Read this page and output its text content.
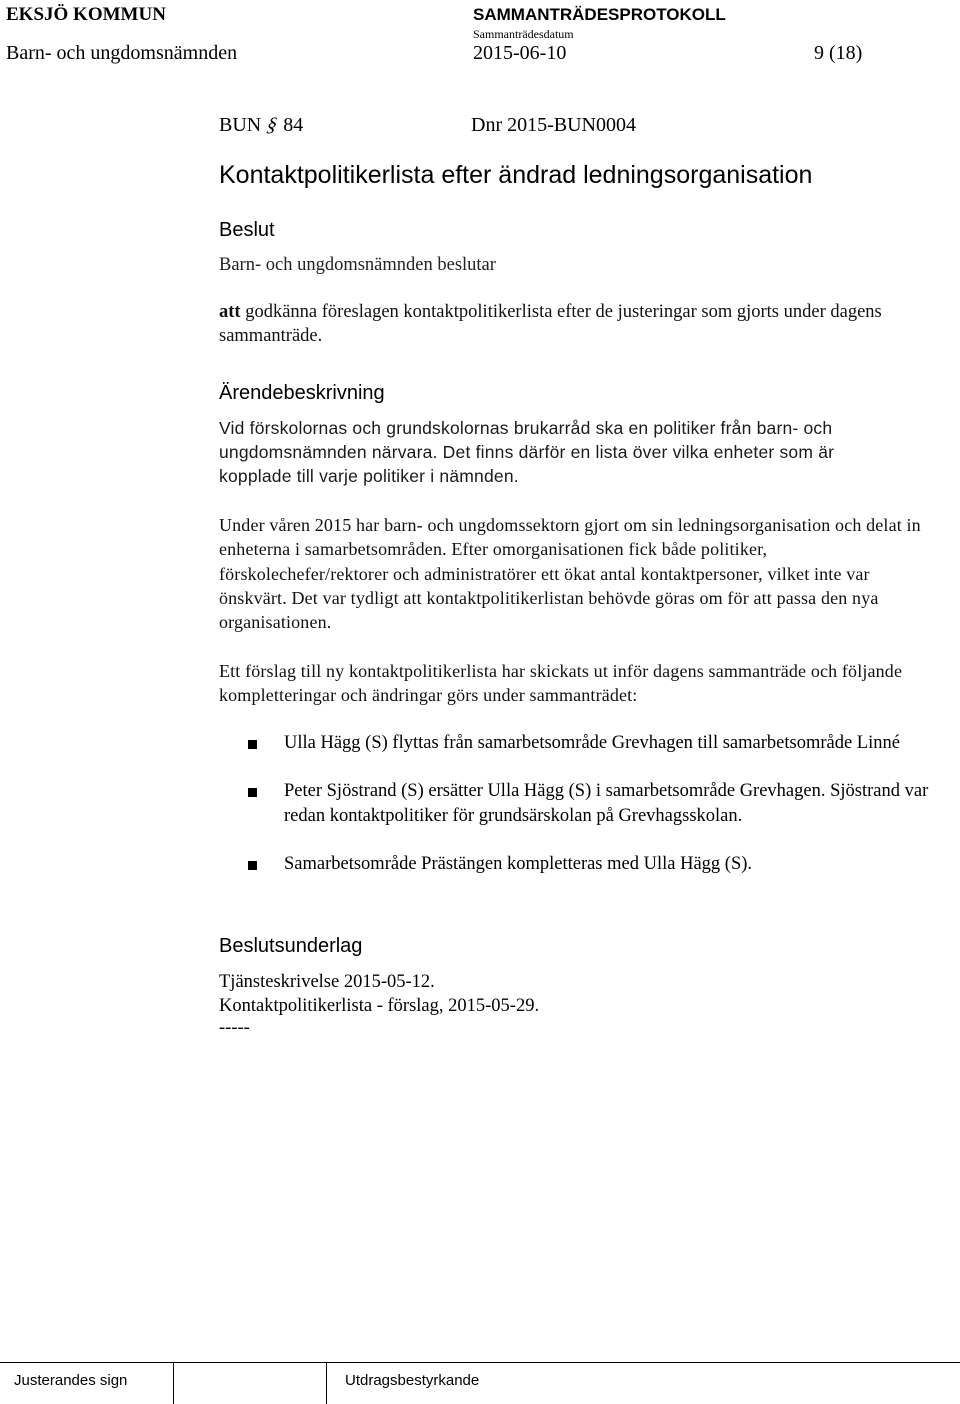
EKSJÖ KOMMUN	SAMMANTRÄDESPROTOKOLL
Sammanträdesdatum
Barn- och ungdomsnämnden	2015-06-10	9 (18)
BUN § 84	Dnr 2015-BUN0004
Kontaktpolitikerlista efter ändrad ledningsorganisation
Beslut
Barn- och ungdomsnämnden beslutar
att godkänna föreslagen kontaktpolitikerlista efter de justeringar som gjorts under dagens sammanträde.
Ärendebeskrivning
Vid förskolornas och grundskolornas brukarråd ska en politiker från barn- och ungdomsnämnden närvara. Det finns därför en lista över vilka enheter som är kopplade till varje politiker i nämnden.
Under våren 2015 har barn- och ungdomssektorn gjort om sin ledningsorganisation och delat in enheterna i samarbetsområden. Efter omorganisationen fick både politiker, förskolechefer/rektorer och administratörer ett ökat antal kontaktpersoner, vilket inte var önskvärt. Det var tydligt att kontaktpolitikerlistan behövde göras om för att passa den nya organisationen.
Ett förslag till ny kontaktpolitikerlista har skickats ut inför dagens sammanträde och följande kompletteringar och ändringar görs under sammanträdet:
Ulla Hägg (S) flyttas från samarbetsområde Grevhagen till samarbetsområde Linné
Peter Sjöstrand (S) ersätter Ulla Hägg (S) i samarbetsområde Grevhagen. Sjöstrand var redan kontaktpolitiker för grundsärskolan på Grevhagsskolan.
Samarbetsområde Prästängen kompletteras med Ulla Hägg (S).
Beslutsunderlag
Tjänsteskrivelse 2015-05-12.
Kontaktpolitikerlista - förslag, 2015-05-29.
-----
Justerandes sign	Utdragsbestyrkande
